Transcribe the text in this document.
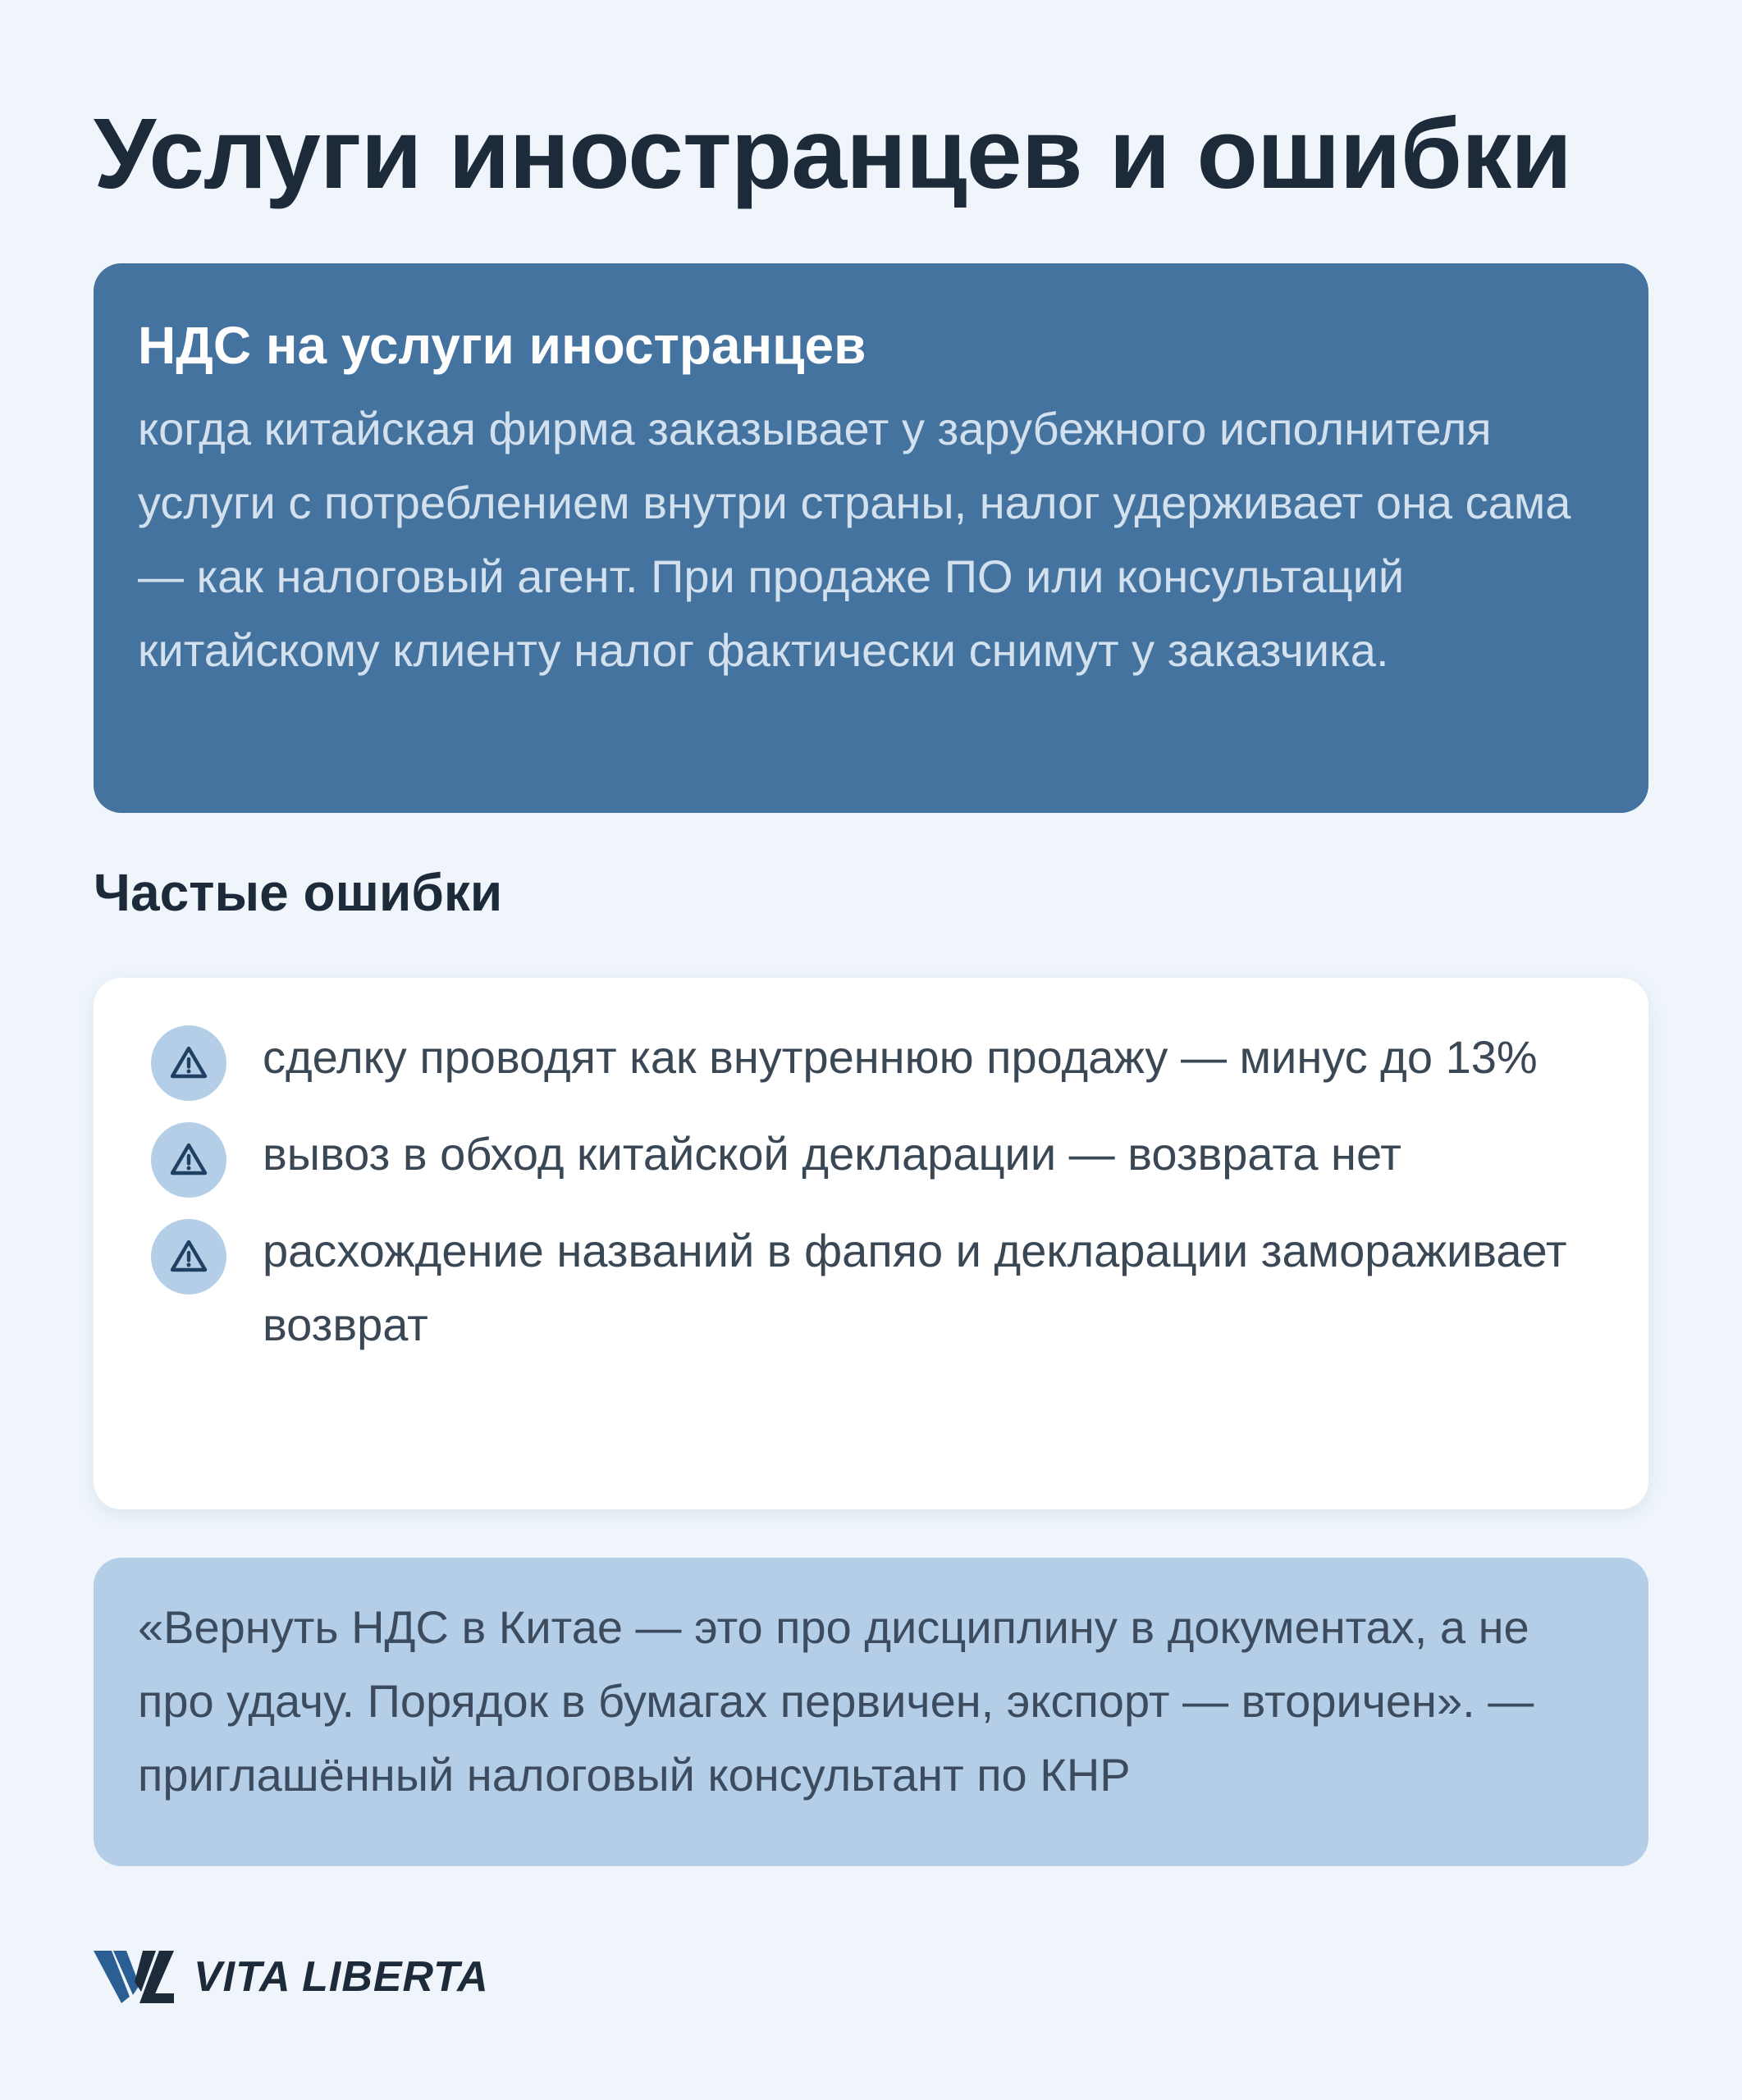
Услуги иностранцев и ошибки
НДС на услуги иностранцев

когда китайская фирма заказывает у зарубежного исполнителя услуги с потреблением внутри страны, налог удерживает она сама — как налоговый агент. При продаже ПО или консультаций китайскому клиенту налог фактически снимут у заказчика.

Частые ошибки
сделку проводят как внутреннюю продажу — минус до 13%
вывоз в обход китайской декларации — возврата нет
расхождение названий в фапяо и декларации замораживает возврат

«Вернуть НДС в Китае — это про дисциплину в документах, а не про удачу. Порядок в бумагах первичен, экспорт — вторичен». — приглашённый налоговый консультант по КНР

VITA LIBERTA
